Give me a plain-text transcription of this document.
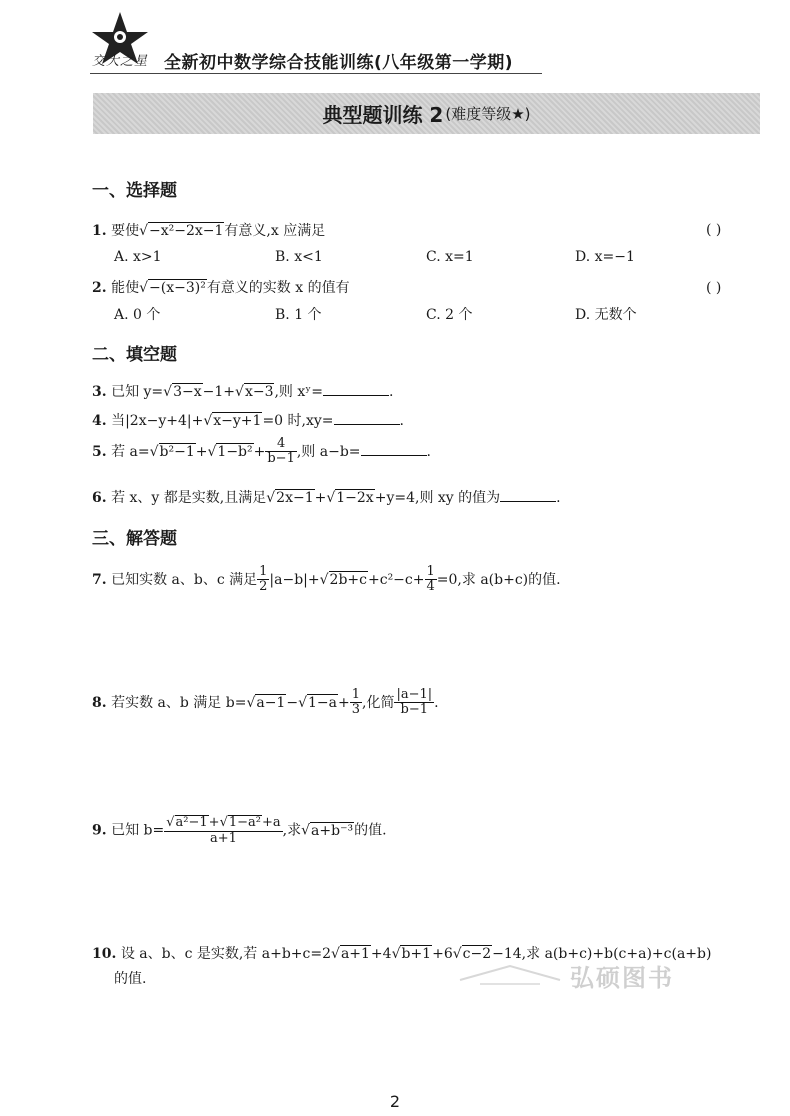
交大之星 全新初中数学综合技能训练(八年级第一学期)
典型题训练 2 (难度等级★)
一、选择题
1. 要使√−x²−2x−1有意义,x 应满足	( )
A. x>1	B. x<1	C. x=1	D. x=−1
2. 能使√−(x−3)²有意义的实数 x 的值有	( )
A. 0 个	B. 1 个	C. 2 个	D. 无数个
二、填空题
3. 已知 y=√3−x−1+√x−3,则 xʸ=	.
4. 当|2x−y+4|+√x−y+1=0 时,xy=	.
5. 若 $a=√b^2-1+√1-b^2+ \frac{4}{b-1}$ ,则 a−b=	.
6. 若 x、y 都是实数,且满足√2x−1+√1−2x+y=4,则 xy 的值为	.
三、解答题
7. 已知实数 a、b、c 满足 $\frac{1}{2} |a-b|+√2b+c+c^2-c+ \frac{1}{4} =0$,求 a(b+c)的值.
8. 若实数 a、b 满足 $b=√a-1-√1-a+ \frac{1}{3}$ ,化简 $\frac{|a-1|}{b-1}$ .
9. 已知 $b= \frac{\text{√a²−1+√1−a²+a}}{a+1}$ ,求√a+b⁻³的值.
10. 设 a、b、c 是实数,若 a+b+c=2√a+1+4√b+1+6√c−2−14,求 a(b+c)+b(c+a)+c(a+b)
的值.	弘硕图书
2
